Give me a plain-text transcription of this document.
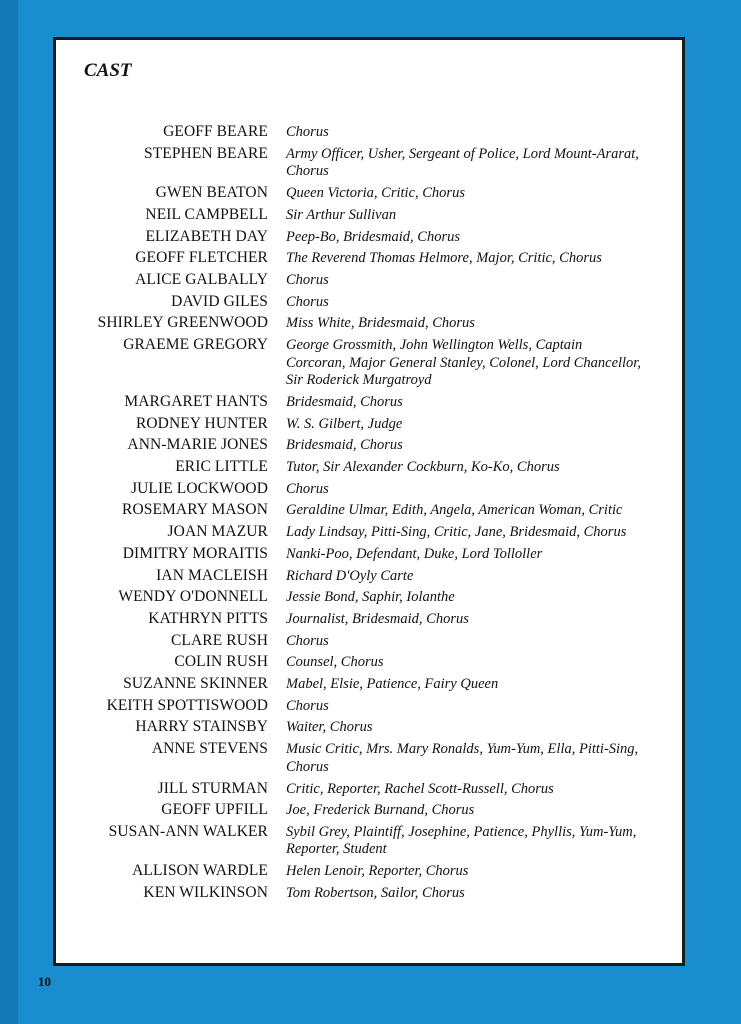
CAST
GEOFF BEARE Chorus
STEPHEN BEARE Army Officer, Usher, Sergeant of Police, Lord Mount-Ararat, Chorus
GWEN BEATON Queen Victoria, Critic, Chorus
NEIL CAMPBELL Sir Arthur Sullivan
ELIZABETH DAY Peep-Bo, Bridesmaid, Chorus
GEOFF FLETCHER The Reverend Thomas Helmore, Major, Critic, Chorus
ALICE GALBALLY Chorus
DAVID GILES Chorus
SHIRLEY GREENWOOD Miss White, Bridesmaid, Chorus
GRAEME GREGORY George Grossmith, John Wellington Wells, Captain Corcoran, Major General Stanley, Colonel, Lord Chancellor, Sir Roderick Murgatroyd
MARGARET HANTS Bridesmaid, Chorus
RODNEY HUNTER W. S. Gilbert, Judge
ANN-MARIE JONES Bridesmaid, Chorus
ERIC LITTLE Tutor, Sir Alexander Cockburn, Ko-Ko, Chorus
JULIE LOCKWOOD Chorus
ROSEMARY MASON Geraldine Ulmar, Edith, Angela, American Woman, Critic
JOAN MAZUR Lady Lindsay, Pitti-Sing, Critic, Jane, Bridesmaid, Chorus
DIMITRY MORAITIS Nanki-Poo, Defendant, Duke, Lord Tolloller
IAN MACLEISH Richard D'Oyly Carte
WENDY O'DONNELL Jessie Bond, Saphir, Iolanthe
KATHRYN PITTS Journalist, Bridesmaid, Chorus
CLARE RUSH Chorus
COLIN RUSH Counsel, Chorus
SUZANNE SKINNER Mabel, Elsie, Patience, Fairy Queen
KEITH SPOTTISWOOD Chorus
HARRY STAINSBY Waiter, Chorus
ANNE STEVENS Music Critic, Mrs. Mary Ronalds, Yum-Yum, Ella, Pitti-Sing, Chorus
JILL STURMAN Critic, Reporter, Rachel Scott-Russell, Chorus
GEOFF UPFILL Joe, Frederick Burnand, Chorus
SUSAN-ANN WALKER Sybil Grey, Plaintiff, Josephine, Patience, Phyllis, Yum-Yum, Reporter, Student
ALLISON WARDLE Helen Lenoir, Reporter, Chorus
KEN WILKINSON Tom Robertson, Sailor, Chorus
10
